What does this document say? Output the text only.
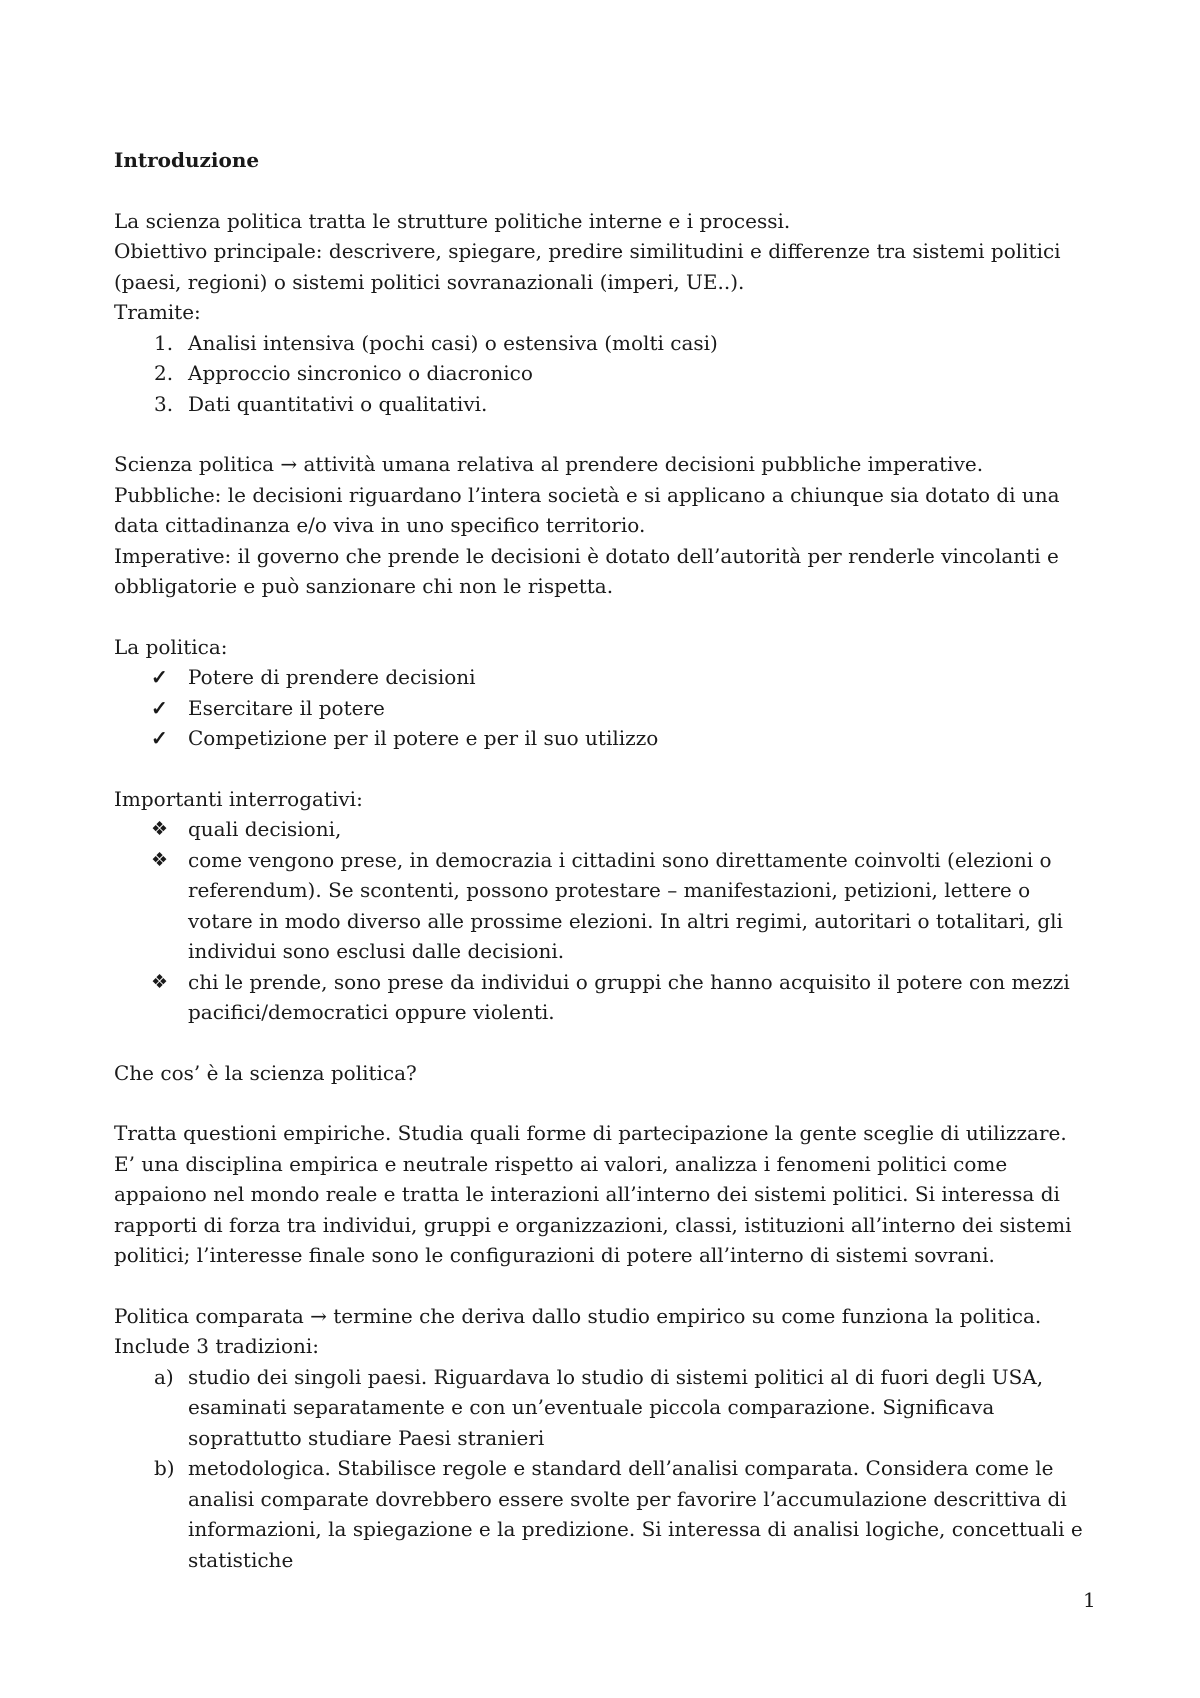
Introduzione

La scienza politica tratta le strutture politiche interne e i processi.

Obiettivo principale: descrivere, spiegare, predire similitudini e differenze tra sistemi politici (paesi, regioni) o sistemi politici sovranazionali (imperi, UE..).

Tramite:

1. Analisi intensiva (pochi casi) o estensiva (molti casi)
2. Approccio sincronico o diacronico
3. Dati quantitativi o qualitativi.

Scienza politica → attività umana relativa al prendere decisioni pubbliche imperative.

Pubbliche: le decisioni riguardano l’intera società e si applicano a chiunque sia dotato di una data cittadinanza e/o viva in uno specifico territorio.

Imperative: il governo che prende le decisioni è dotato dell’autorità per renderle vincolanti e obbligatorie e può sanzionare chi non le rispetta.

La politica:

✓	Potere di prendere decisioni
✓	Esercitare il potere
✓	Competizione per il potere e per il suo utilizzo

Importanti interrogativi:

❖ quali decisioni,
❖ come vengono prese, in democrazia i cittadini sono direttamente coinvolti (elezioni o referendum). Se scontenti, possono protestare – manifestazioni, petizioni, lettere o votare in modo diverso alle prossime elezioni. In altri regimi, autoritari o totalitari, gli individui sono esclusi dalle decisioni.
❖ chi le prende, sono prese da individui o gruppi che hanno acquisito il potere con mezzi pacifici/democratici oppure violenti.

Che cos’ è la scienza politica?

Tratta questioni empiriche. Studia quali forme di partecipazione la gente sceglie di utilizzare. E’ una disciplina empirica e neutrale rispetto ai valori, analizza i fenomeni politici come appaiono nel mondo reale e tratta le interazioni all’interno dei sistemi politici. Si interessa di rapporti di forza tra individui, gruppi e organizzazioni, classi, istituzioni all’interno dei sistemi politici; l’interesse finale sono le configurazioni di potere all’interno di sistemi sovrani.

Politica comparata → termine che deriva dallo studio empirico su come funziona la politica.

Include 3 tradizioni:

a) studio dei singoli paesi. Riguardava lo studio di sistemi politici al di fuori degli USA, esaminati separatamente e con un’eventuale piccola comparazione. Significava soprattutto studiare Paesi stranieri
b) metodologica. Stabilisce regole e standard dell’analisi comparata. Considera come le analisi comparate dovrebbero essere svolte per favorire l’accumulazione descrittiva di informazioni, la spiegazione e la predizione. Si interessa di analisi logiche, concettuali e statistiche
1
